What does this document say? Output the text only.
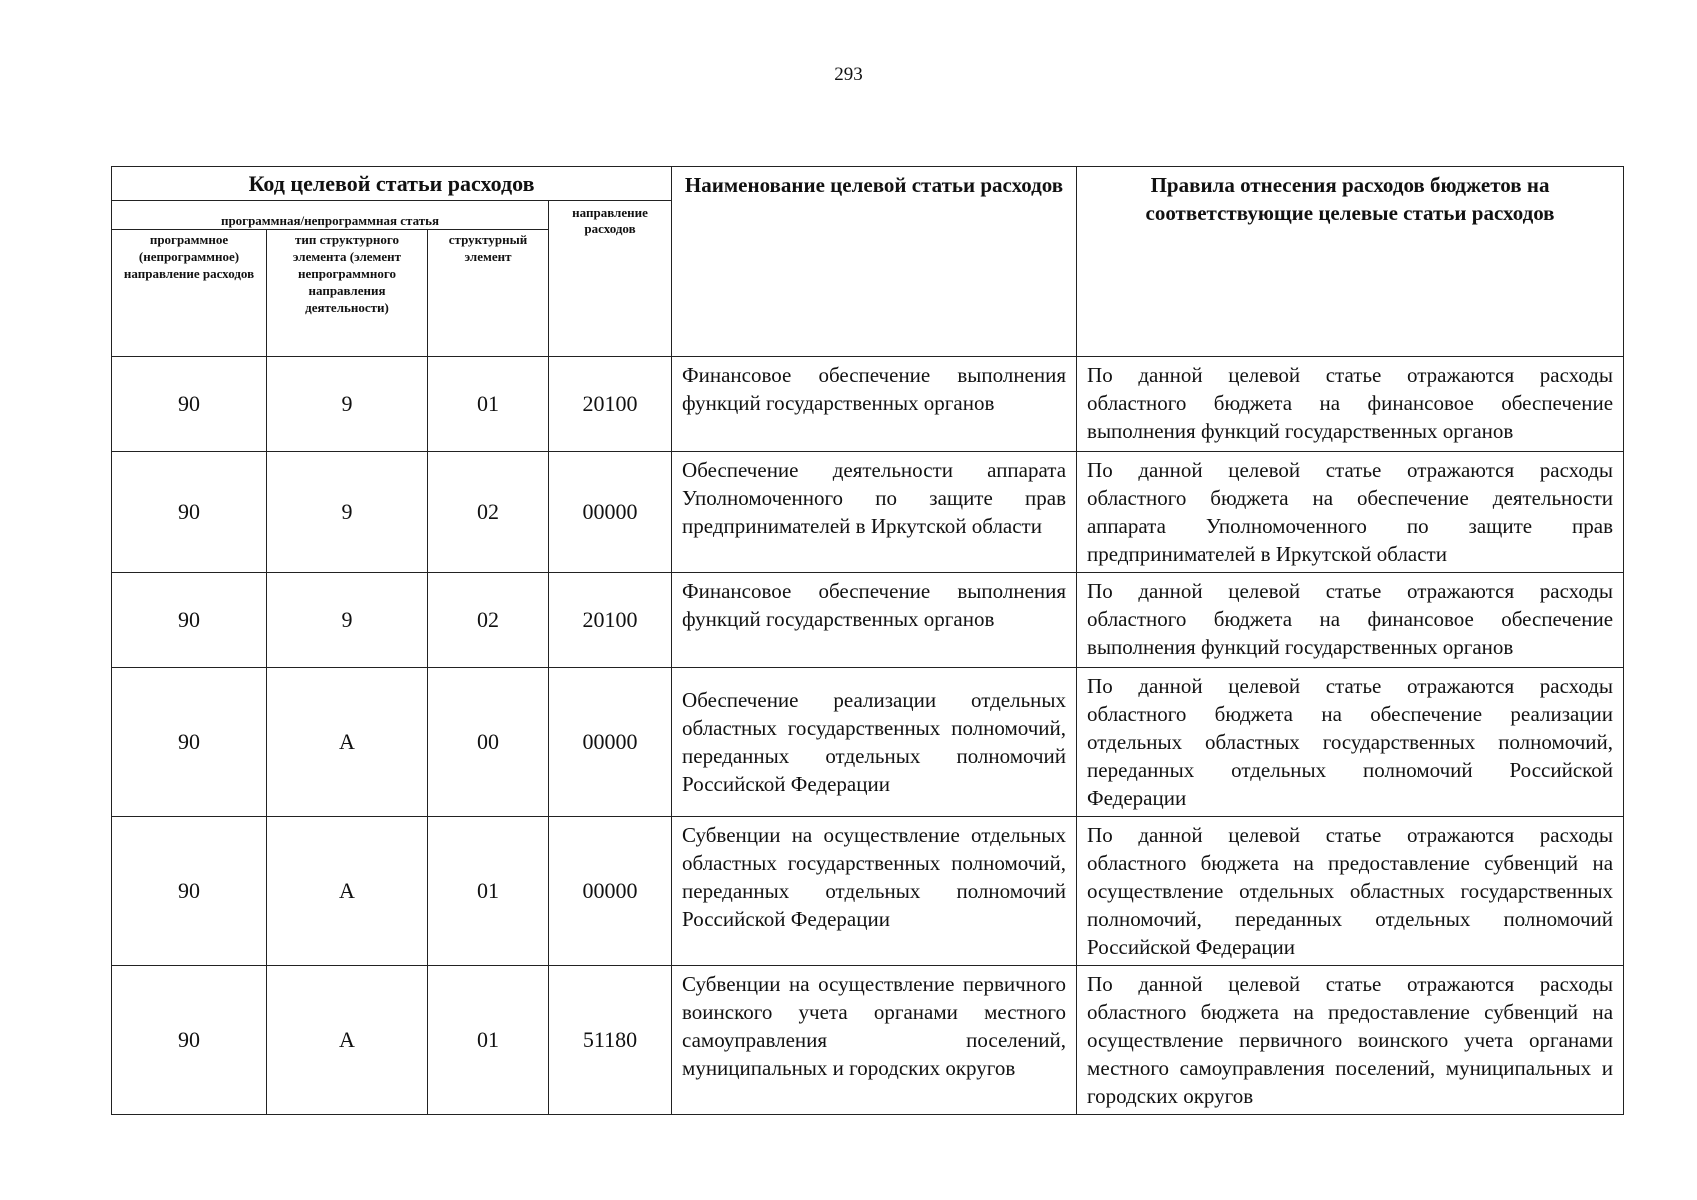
293
Код целевой статьи расходов				Наименование целевой статьи расходов	Правила отнесения расходов бюджетов на соответствующие целевые статьи расходов
программная/непрограммная статья			направление расходов		
программное (непрограммное) направление расходов	тип структурного элемента (элемент непрограммного направления деятельности)	структурный элемент			
90	9	01	20100	Финансовое обеспечение выполнения функций государственных органов	По данной целевой статье отражаются расходы областного бюджета на финансовое обеспечение выполнения функций государственных органов
90	9	02	00000	Обеспечение деятельности аппарата Уполномоченного по защите прав предпринимателей в Иркутской области	По данной целевой статье отражаются расходы областного бюджета на обеспечение деятельности аппарата Уполномоченного по защите прав предпринимателей в Иркутской области
90	9	02	20100	Финансовое обеспечение выполнения функций государственных органов	По данной целевой статье отражаются расходы областного бюджета на финансовое обеспечение выполнения функций государственных органов
90	А	00	00000	Обеспечение реализации отдельных областных государственных полномочий, переданных отдельных полномочий Российской Федерации	По данной целевой статье отражаются расходы областного бюджета на обеспечение реализации отдельных областных государственных полномочий, переданных отдельных полномочий Российской Федерации
90	А	01	00000	Субвенции на осуществление отдельных областных государственных полномочий, переданных отдельных полномочий Российской Федерации	По данной целевой статье отражаются расходы областного бюджета на предоставление субвенций на осуществление отдельных областных государственных полномочий, переданных отдельных полномочий Российской Федерации
90	А	01	51180	Субвенции на осуществление первичного воинского учета органами местного самоуправления поселений, муниципальных и городских округов	По данной целевой статье отражаются расходы областного бюджета на предоставление субвенций на осуществление первичного воинского учета органами местного самоуправления поселений, муниципальных и городских округов
